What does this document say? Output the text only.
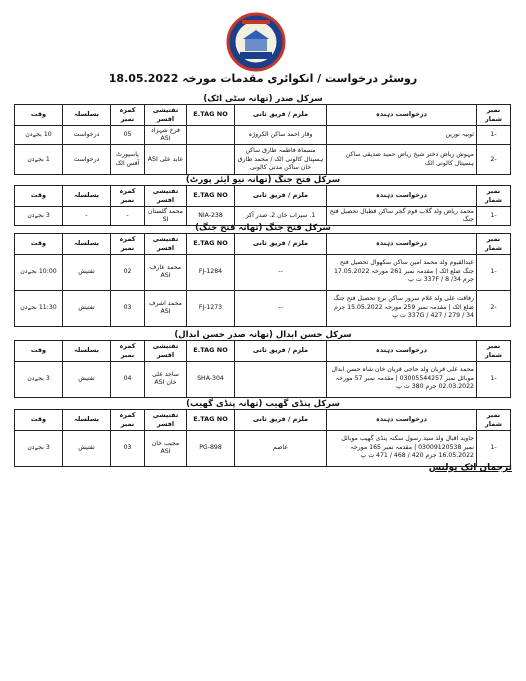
روسٹر درخواست / انکوائری مقدمات مورخہ 18.05.2022
سرکل صدر (تھانہ سٹی اٹک)
نمبر شمار	درخواست دہندہ	ملزم / فریق ثانی	E.TAG NO	تفتیشی افسر	کمرہ نمبر	بسلسلہ	وقت
-1	ثوبیہ نورین	وقار احمد ساکن الکروڑہ		فرخ شہزاد ASI	05	درخواست	10 بجےدن
-2	مہوش ریاض دختر شیخ ریاض حمید صدیقی ساکن ہسپتال کالونی اٹک	مسماۃ فاطمہ طارق ساکن ہسپتال کالونی اٹک / محمد طارق خان ساکن مدنی کالونی		عابد علی ASI	پاسپورٹ آفس اٹک	درخواست	1 بجےدن
سرکل فتح جنگ (تھانہ نیو ایئر پورٹ)
نمبر شمار	درخواست دہندہ	ملزم / فریق ثانی	E.TAG NO	تفتیشی افسر	کمرہ نمبر	بسلسلہ	وقت
-1	محمد ریاض ولد گلاب قوم گجر ساکن قطبال تحصیل فتح جنگ	1. سیراب خان 2. صدر آکر	NIA-238	محمد گلستان SI	-	-	3 بجےدن
سرکل فتح جنگ (تھانہ فتح جنگ)
نمبر شمار	درخواست دہندہ	ملزم / فریق ثانی	E.TAG NO	تفتیشی افسر	کمرہ نمبر	بسلسلہ	وقت
-1	عبدالقیوم ولد محمد امین ساکن سکھوال تحصیل فتح جنگ ضلع اٹک | مقدمہ نمبر 261 مورخہ 17.05.2022 جرم 34/ 337F / 8 ت پ	--	FJ-1284	محمد عارف ASI	02	تفتیش	10:00 بجےدن
-2	رفاقت علی ولد غلام سرور ساکن برج تحصیل فتح جنگ ضلع اٹک | مقدمہ نمبر 259 مورخہ 15.05.2022 جرم 337G / 427 / 279 / 34 ت پ	--	FJ-1273	محمد اشرف ASI	03	تفتیش	11:30 بجےدن
سرکل حسن ابدال (تھانہ صدر حسن ابدال)
نمبر شمار	درخواست دہندہ	ملزم / فریق ثانی	E.TAG NO	تفتیشی افسر	کمرہ نمبر	بسلسلہ	وقت
-1	محمد علی قربان ولد حاجی قربان خان شاہ حسن ابدال موبائل نمبر 03005544257 | مقدمہ نمبر 57 مورخہ 02.03.2022 جرم 380 ت پ		SHA-304	ساجد علی خان ASI	04	تفتیش	3 بجےدن
سرکل پنڈی گھیب (تھانہ پنڈی گھیب)
نمبر شمار	درخواست دہندہ	ملزم / فریق ثانی	E.TAG NO	تفتیشی افسر	کمرہ نمبر	بسلسلہ	وقت
-1	جاوید اقبال ولد سید رسول سکنہ پنڈی گھیب موبائل نمبر 03009120538 | مقدمہ نمبر 165 مورخہ 16.05.2022 جرم 420 / 468 / 471 ت پ	عاصم	PG-898	مجیب خان ASI	03	تفتیش	3 بجےدن
ترجمان اٹک پولیس
